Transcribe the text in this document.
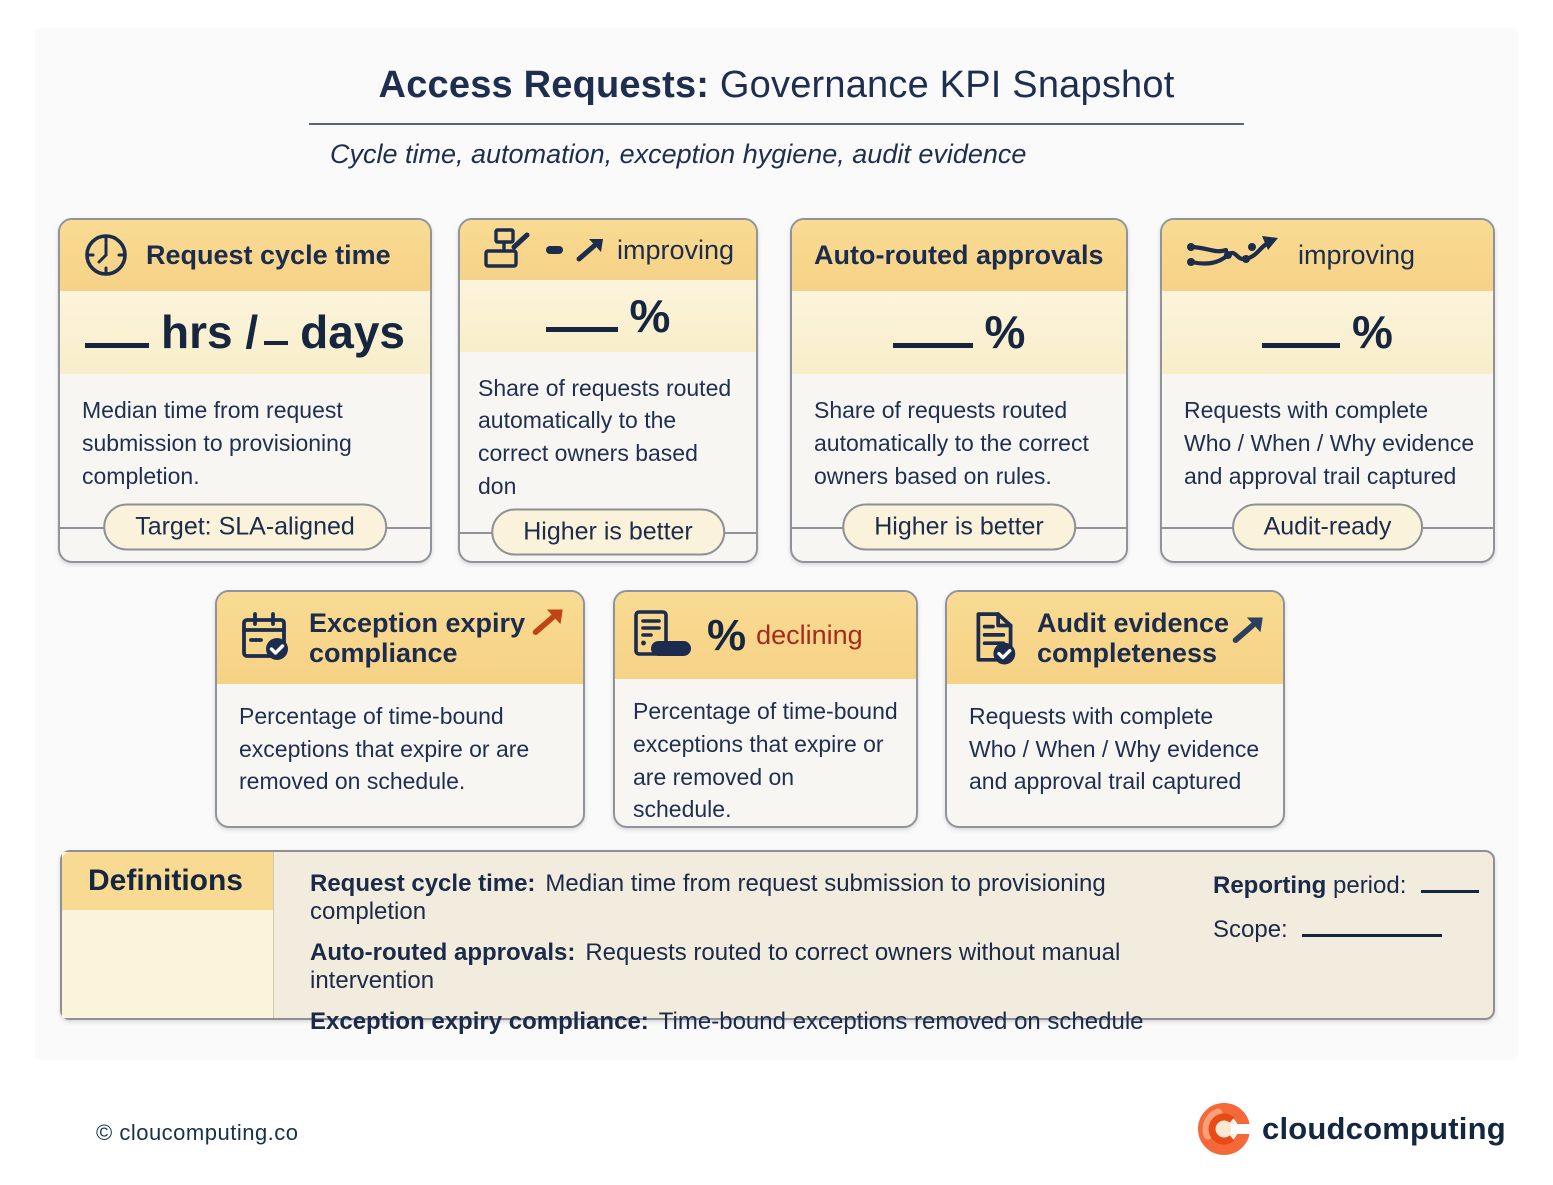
Access Requests: Governance KPI Snapshot
Cycle time, automation, exception hygiene, audit evidence
Request cycle time
hrs / days
Median time from request submission to provisioning completion.
Target: SLA-aligned
improving
%
Share of requests routed automatically to the correct owners based don
Higher is better
Auto-routed approvals
%
Share of requests routed automatically to the correct owners based on rules.
Higher is better
improving
%
Requests with complete Who / When / Why evidence and approval trail captured
Audit-ready
Exception expiry compliance
Percentage of time-bound exceptions that expire or are removed on schedule.
% declining
Percentage of time-bound exceptions that expire or are removed on schedule.
Audit evidence completeness
Requests with complete Who / When / Why evidence and approval trail captured
Definitions	Request cycle time: Median time from request submission to provisioning completion
Auto-routed approvals: Requests routed to correct owners without manual intervention
Exception expiry compliance: Time-bound exceptions removed on schedule
Reporting period:
Scope:
© cloucomputing.co	cloudcomputing
